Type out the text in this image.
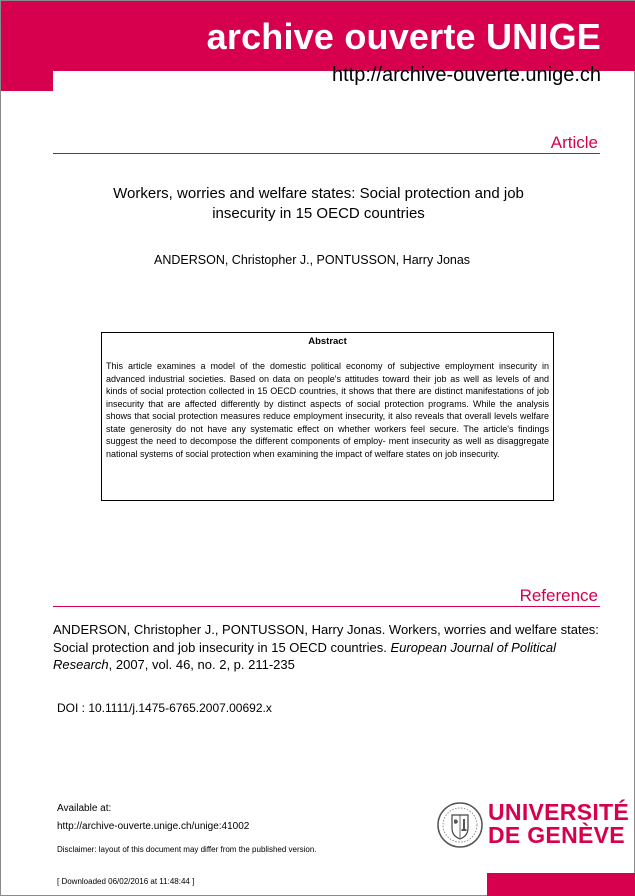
archive ouverte UNIGE
http://archive-ouverte.unige.ch
Article
Workers, worries and welfare states: Social protection and job insecurity in 15 OECD countries
ANDERSON, Christopher J., PONTUSSON, Harry Jonas
Abstract
This article examines a model of the domestic political economy of subjective employment insecurity in advanced industrial societies. Based on data on people's attitudes toward their job as well as levels of and kinds of social protection collected in 15 OECD countries, it shows that there are distinct manifestations of job insecurity that are affected differently by distinct aspects of social protection programs. While the analysis shows that social protection measures reduce employment insecurity, it also reveals that overall levels welfare state generosity do not have any systematic effect on whether workers feel secure. The article's findings suggest the need to decompose the different components of employ- ment insecurity as well as disaggregate national systems of social protection when examining the impact of welfare states on job insecurity.
Reference
ANDERSON, Christopher J., PONTUSSON, Harry Jonas. Workers, worries and welfare states: Social protection and job insecurity in 15 OECD countries. European Journal of Political Research, 2007, vol. 46, no. 2, p. 211-235
DOI : 10.1111/j.1475-6765.2007.00692.x
Available at:
http://archive-ouverte.unige.ch/unige:41002
Disclaimer: layout of this document may differ from the published version.
[ Downloaded 06/02/2016 at 11:48:44 ]
UNIVERSITÉ
DE GENÈVE
